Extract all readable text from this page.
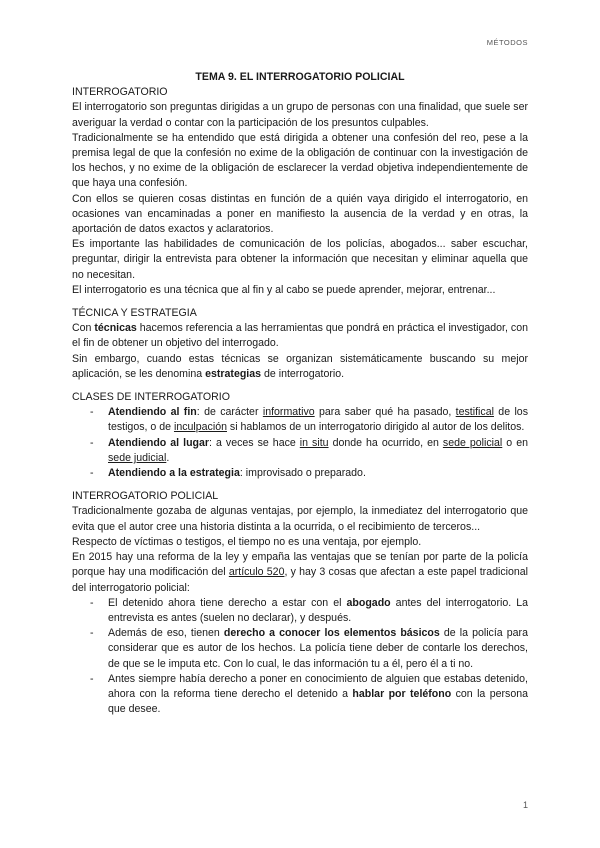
MÉTODOS

TEMA 9. EL INTERROGATORIO POLICIAL

INTERROGATORIO

El interrogatorio son preguntas dirigidas a un grupo de personas con una finalidad, que suele ser averiguar la verdad o contar con la participación de los presuntos culpables.

Tradicionalmente se ha entendido que está dirigida a obtener una confesión del reo, pese a la premisa legal de que la confesión no exime de la obligación de continuar con la investigación de los hechos, y no exime de la obligación de esclarecer la verdad objetiva independientemente de que haya una confesión.

Con ellos se quieren cosas distintas en función de a quién vaya dirigido el interrogatorio, en ocasiones van encaminadas a poner en manifiesto la ausencia de la verdad y en otras, la aportación de datos exactos y aclaratorios.

Es importante las habilidades de comunicación de los policías, abogados... saber escuchar, preguntar, dirigir la entrevista para obtener la información que necesitan y eliminar aquella que no necesitan.

El interrogatorio es una técnica que al fin y al cabo se puede aprender, mejorar, entrenar...

TÉCNICA Y ESTRATEGIA

Con técnicas hacemos referencia a las herramientas que pondrá en práctica el investigador, con el fin de obtener un objetivo del interrogado.

Sin embargo, cuando estas técnicas se organizan sistemáticamente buscando su mejor aplicación, se les denomina estrategias de interrogatorio.

CLASES DE INTERROGATORIO

- Atendiendo al fin: de carácter informativo para saber qué ha pasado, testifical de los testigos, o de inculpación si hablamos de un interrogatorio dirigido al autor de los delitos.
- Atendiendo al lugar: a veces se hace in situ donde ha ocurrido, en sede policial o en sede judicial.
- Atendiendo a la estrategia: improvisado o preparado.

INTERROGATORIO POLICIAL

Tradicionalmente gozaba de algunas ventajas, por ejemplo, la inmediatez del interrogatorio que evita que el autor cree una historia distinta a la ocurrida, o el recibimiento de terceros...

Respecto de víctimas o testigos, el tiempo no es una ventaja, por ejemplo.

En 2015 hay una reforma de la ley y empaña las ventajas que se tenían por parte de la policía porque hay una modificación del artículo 520, y hay 3 cosas que afectan a este papel tradicional del interrogatorio policial:

- El detenido ahora tiene derecho a estar con el abogado antes del interrogatorio. La entrevista es antes (suelen no declarar), y después.
- Además de eso, tienen derecho a conocer los elementos básicos de la policía para considerar que es autor de los hechos. La policía tiene deber de contarle los derechos, de que se le imputa etc. Con lo cual, le das información tu a él, pero él a ti no.
- Antes siempre había derecho a poner en conocimiento de alguien que estabas detenido, ahora con la reforma tiene derecho el detenido a hablar por teléfono con la persona que desee.
1
